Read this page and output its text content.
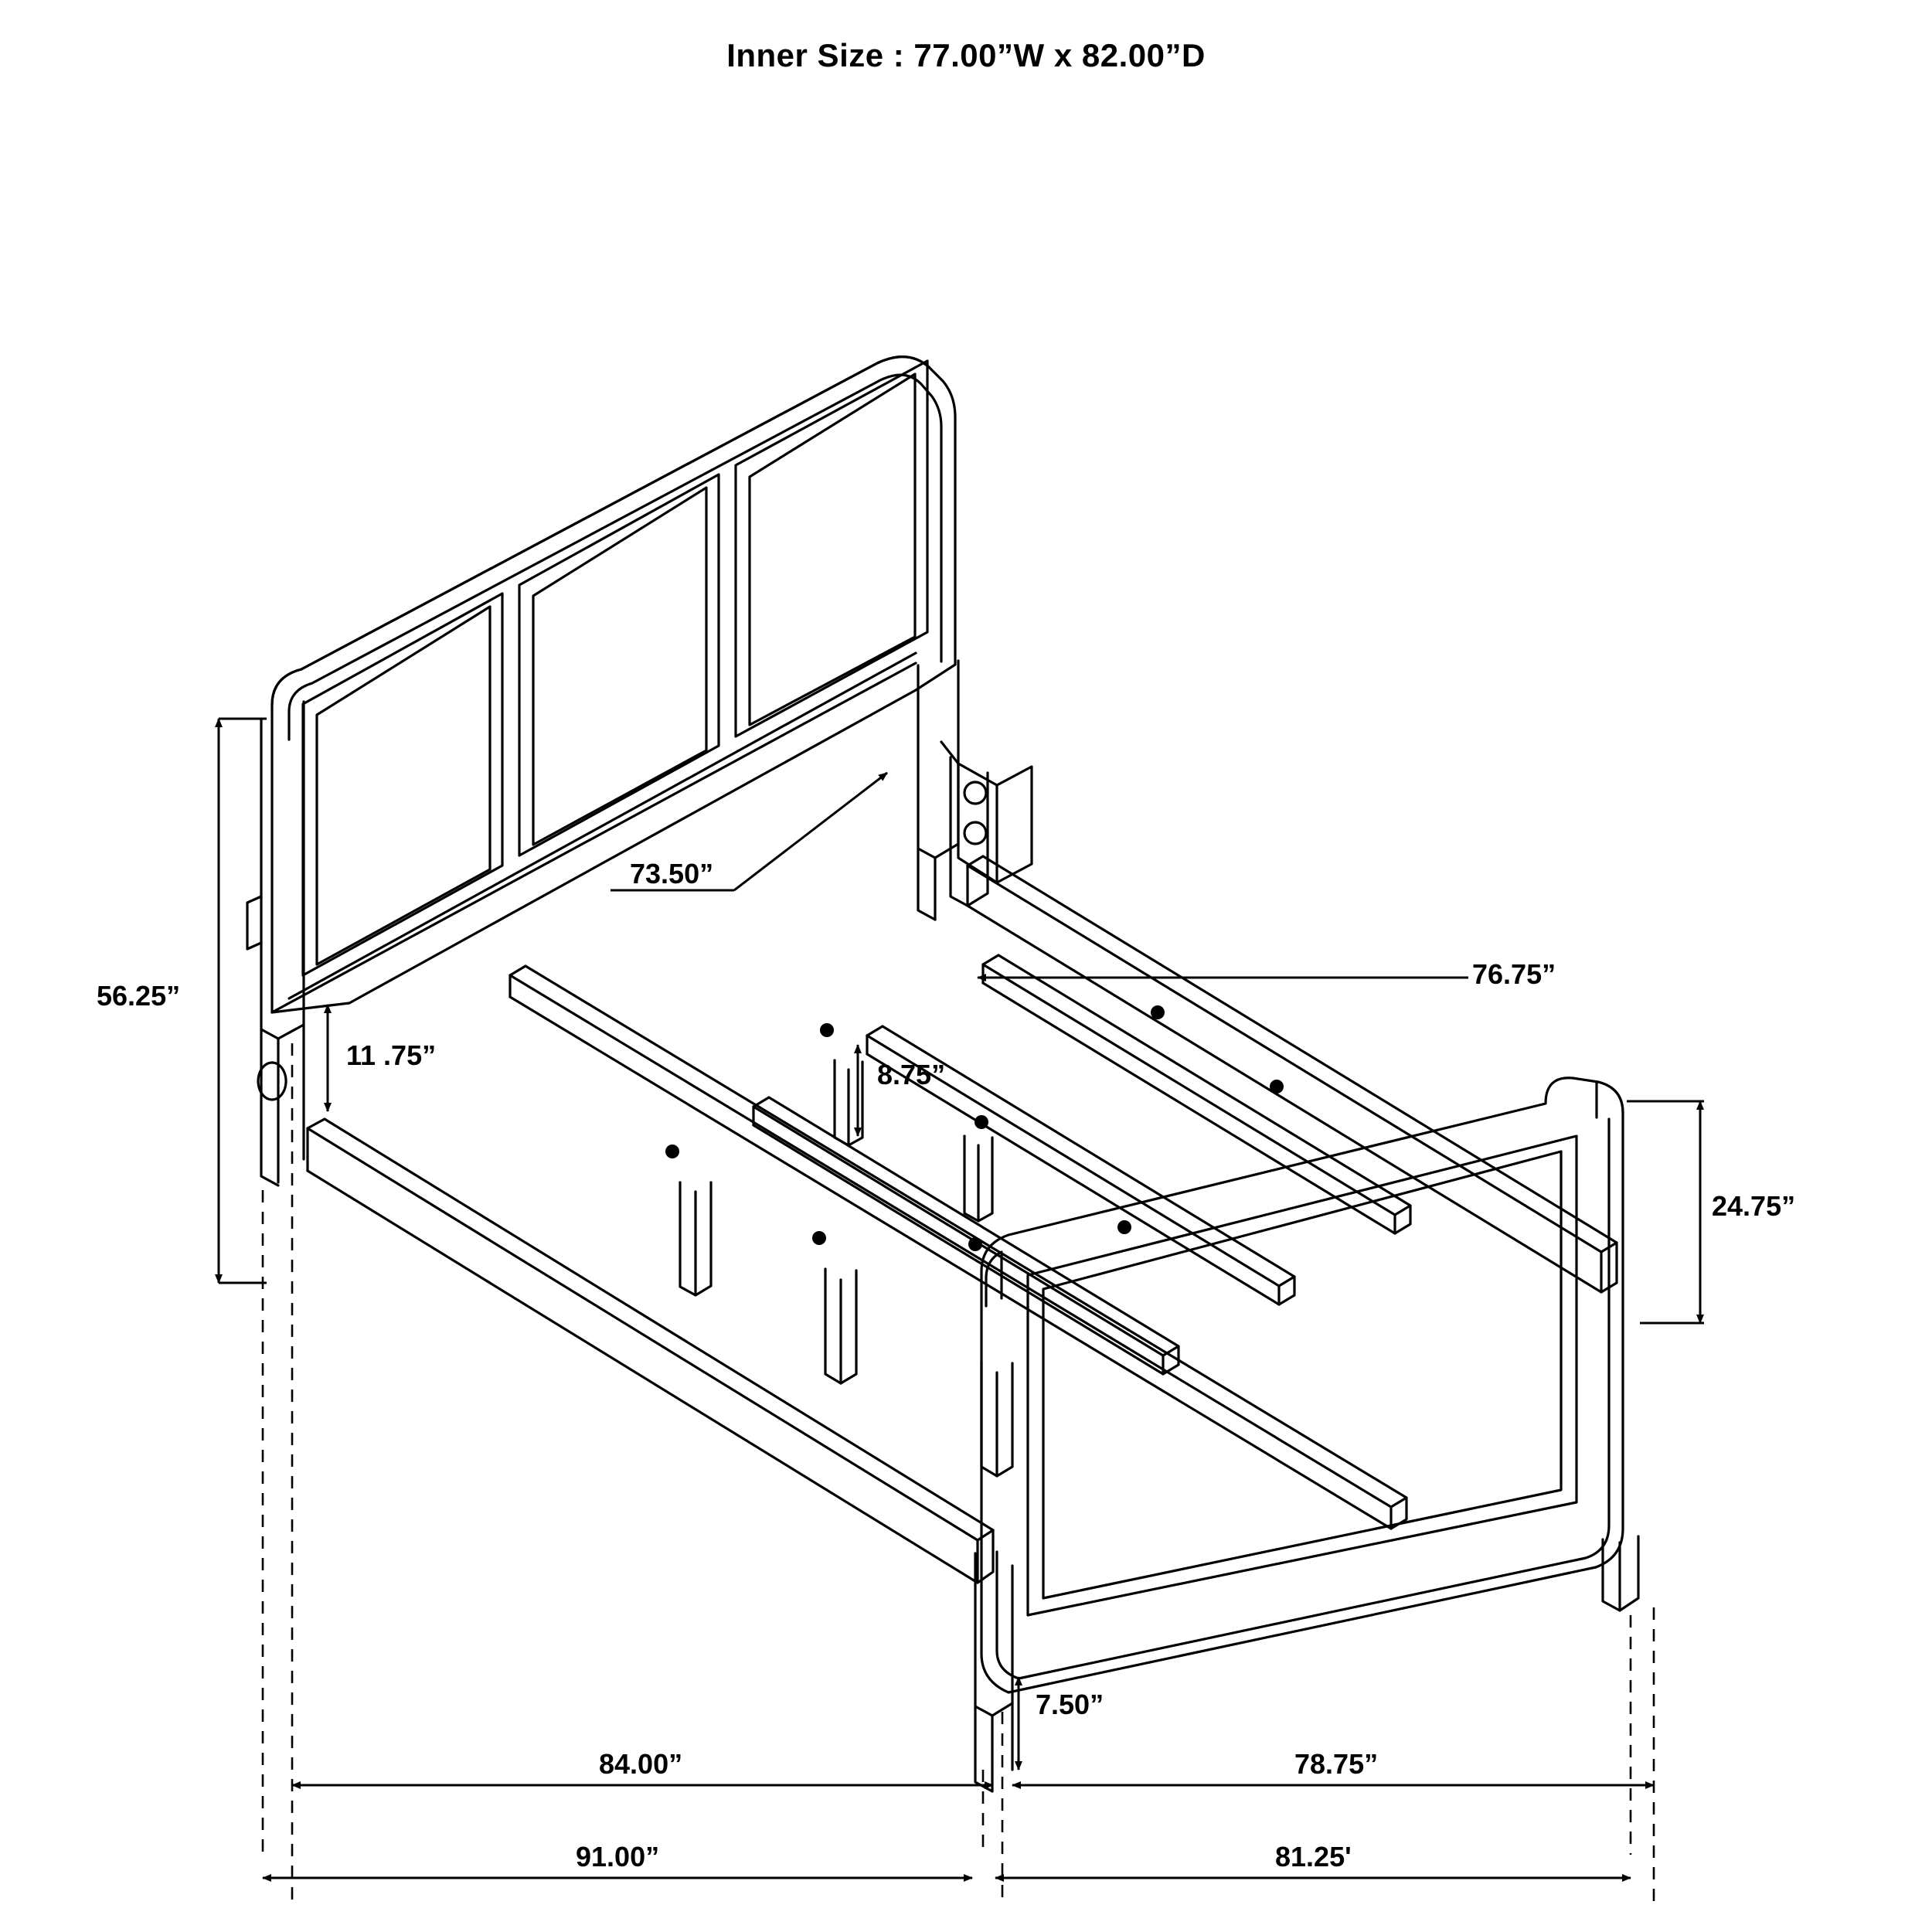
Inner Size : 77.00”W x 82.00”D
56.25”
73.50”
11 .75”
8.75”
76.75”
24.75”
7.50”
84.00”	78.75”
91.00”	81.25'
